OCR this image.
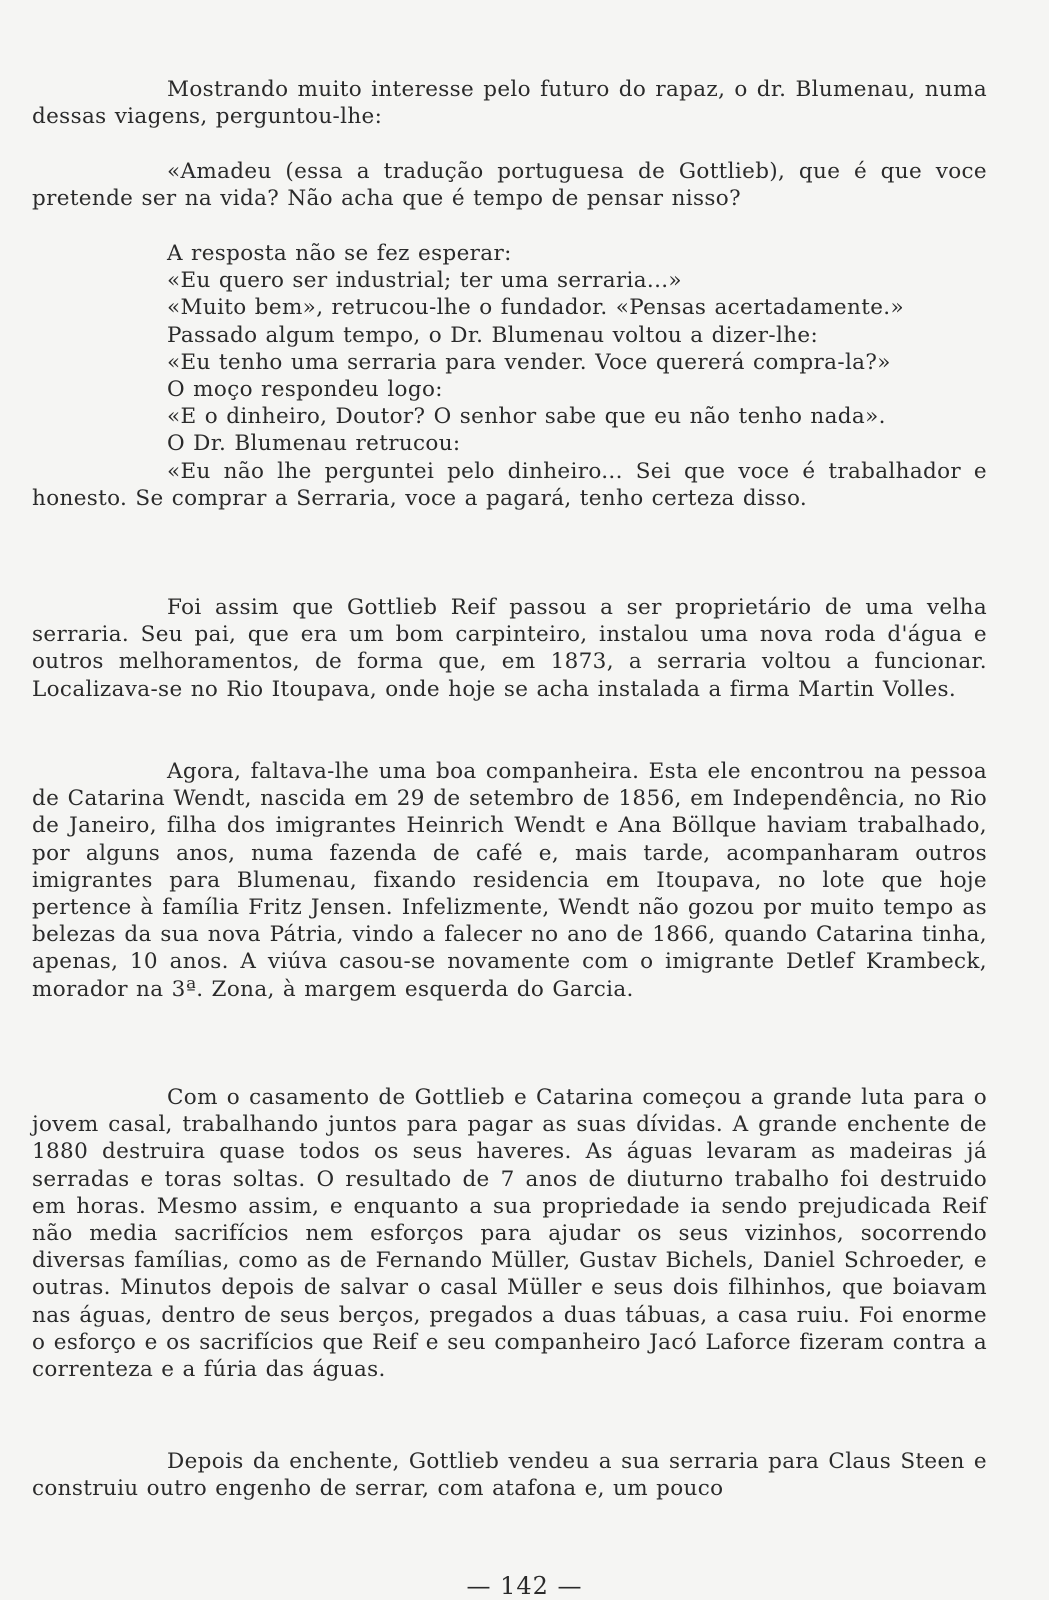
Mostrando muito interesse pelo futuro do rapaz, o dr. Blumenau, numa dessas viagens, perguntou-lhe:

«Amadeu (essa a tradução portuguesa de Gottlieb), que é que voce pretende ser na vida? Não acha que é tempo de pensar nisso?

A resposta não se fez esperar:

«Eu quero ser industrial; ter uma serraria...»

«Muito bem», retrucou-lhe o fundador. «Pensas acertadamente.»

Passado algum tempo, o Dr. Blumenau voltou a dizer-lhe:

«Eu tenho uma serraria para vender. Voce quererá compra-la?»

O moço respondeu logo:

«E o dinheiro, Doutor? O senhor sabe que eu não tenho nada».

O Dr. Blumenau retrucou:

«Eu não lhe perguntei pelo dinheiro... Sei que voce é trabalhador e honesto. Se comprar a Serraria, voce a pagará, tenho certeza disso.

Foi assim que Gottlieb Reif passou a ser proprietário de uma velha serraria. Seu pai, que era um bom carpinteiro, instalou uma nova roda d'água e outros melhoramentos, de forma que, em 1873, a serraria voltou a funcionar. Localizava-se no Rio Itoupava, onde hoje se acha instalada a firma Martin Volles.

Agora, faltava-lhe uma boa companheira. Esta ele encontrou na pessoa de Catarina Wendt, nascida em 29 de setembro de 1856, em Independência, no Rio de Janeiro, filha dos imigrantes Heinrich Wendt e Ana Böllque haviam trabalhado, por alguns anos, numa fazenda de café e, mais tarde, acompanharam outros imigrantes para Blumenau, fixando residencia em Itoupava, no lote que hoje pertence à família Fritz Jensen. Infelizmente, Wendt não gozou por muito tempo as belezas da sua nova Pátria, vindo a falecer no ano de 1866, quando Catarina tinha, apenas, 10 anos. A viúva casou-se novamente com o imigrante Detlef Krambeck, morador na 3ª. Zona, à margem esquerda do Garcia.

Com o casamento de Gottlieb e Catarina começou a grande luta para o jovem casal, trabalhando juntos para pagar as suas dívidas. A grande enchente de 1880 destruira quase todos os seus haveres. As águas levaram as madeiras já serradas e toras soltas. O resultado de 7 anos de diuturno trabalho foi destruido em horas. Mesmo assim, e enquanto a sua propriedade ia sendo prejudicada Reif não media sacrifícios nem esforços para ajudar os seus vizinhos, socorrendo diversas famílias, como as de Fernando Müller, Gustav Bichels, Daniel Schroeder, e outras. Minutos depois de salvar o casal Müller e seus dois filhinhos, que boiavam nas águas, dentro de seus berços, pregados a duas tábuas, a casa ruiu. Foi enorme o esforço e os sacrifícios que Reif e seu companheiro Jacó Laforce fizeram contra a correnteza e a fúria das águas.

Depois da enchente, Gottlieb vendeu a sua serraria para Claus Steen e construiu outro engenho de serrar, com atafona e, um pouco

— 142 —
